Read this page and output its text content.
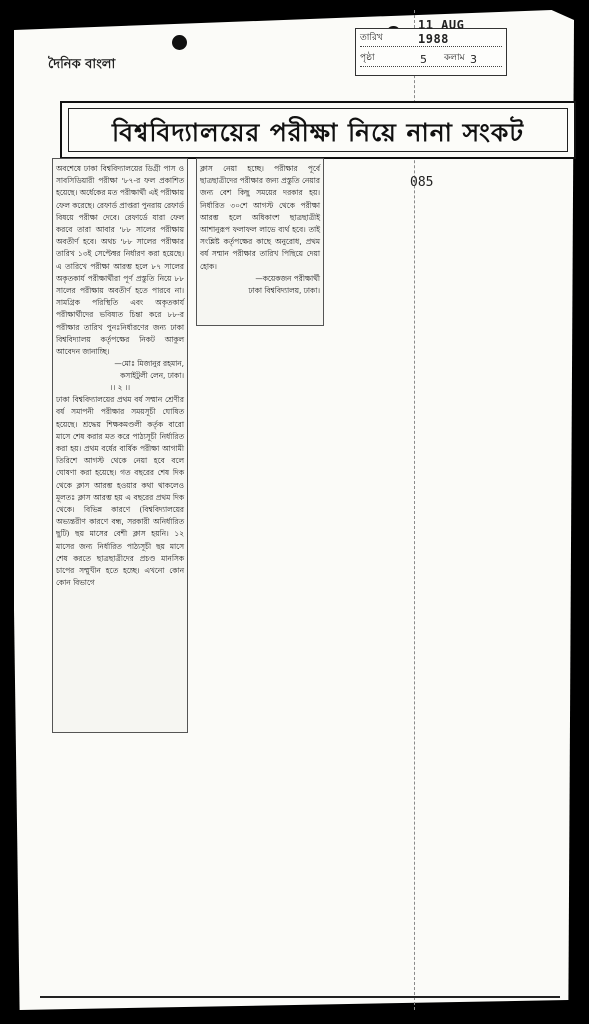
দৈনিক বাংলা
তারিখ
11 AUG 1988
পৃষ্ঠা	5 কলাম 3
বিশ্ববিদ্যালয়ের পরীক্ষা নিয়ে নানা সংকট
085
অবশেষে ঢাকা বিশ্ববিদ্যালয়ের ডিগ্রী পাস ও সাবসিডিয়ারী পরীক্ষা '৮৭-র ফল প্রকাশিত হয়েছে। অর্ধেকের মত পরীক্ষার্থী এই পরীক্ষায় ফেল করেছে। রেফার্ড প্রাপ্তরা পুনরায় রেফার্ড বিষয়ে পরীক্ষা দেবে। রেফার্ডে যারা ফেল করবে তারা আবার '৮৮ সালের পরীক্ষায় অবতীর্ণ হবে। অথচ '৮৮ সালের পরীক্ষার তারিখ ১৩ই সেপ্টেম্বর নির্ধারণ করা হয়েছে। এ তারিখে পরীক্ষা আরম্ভ হলে ৮৭ সালের অকৃতকার্য পরীক্ষার্থীরা পূর্ণ প্রস্তুতি নিয়ে ৮৮ সালের পরীক্ষায় অবতীর্ণ হতে পারবে না। সামগ্রিক পরিস্থিতি এবং অকৃতকার্য পরীক্ষার্থীদের ভবিষ্যত চিন্তা করে ৮৮-র পরীক্ষার তারিখ পুনঃনির্ধারণের জন্য ঢাকা বিশ্ববিদ্যালয় কর্তৃপক্ষের নিকট আকুল আবেদন জানাচ্ছি।
—মোঃ মিজানুর রহমান,
কসাইটুলী লেন, ঢাকা।
।। ২ ।।
ঢাকা বিশ্ববিদ্যালয়ের প্রথম বর্ষ সম্মান শ্রেণীর বর্ষ সমাপনী পরীক্ষার সময়সূচী ঘোষিত হয়েছে। শ্রদ্ধেয় শিক্ষকমণ্ডলী কর্তৃক বারো মাসে শেষ করার মত করে পাঠ্যসূচী নির্ধারিত করা হয়। প্রথম বর্ষের বার্ষিক পরীক্ষা আগামী তিরিশে আগস্ট থেকে নেয়া হবে বলে ঘোষণা করা হয়েছে। গত বছরের শেষ দিক থেকে ক্লাস আরম্ভ হওয়ার কথা থাকলেও মূলতঃ ক্লাস আরম্ভ হয় এ বছরের প্রথম দিক থেকে। বিভিন্ন কারণে (বিশ্ববিদ্যালয়ের অভ্যন্তরীণ কারণে বন্ধ, সরকারী অনির্ধারিত ছুটি) ছয় মাসের বেশী ক্লাস হয়নি। ১২ মাসের জন্য নির্ধারিত পাঠ্যসূচী ছয় মাসে শেষ করতে ছাত্রছাত্রীদের প্রচণ্ড মানসিক চাপের সম্মুখীন হতে হচ্ছে। এখনো কোন কোন বিভাগে
ক্লাস নেয়া হচ্ছে। পরীক্ষার পূর্বে ছাত্রছাত্রীদের পরীক্ষার জন্য প্রস্তুতি নেয়ার জন্য বেশ কিছু সময়ের দরকার হয়। নির্ধারিত ৩০শে আগস্ট থেকে পরীক্ষা আরম্ভ হলে অধিকাংশ ছাত্রছাত্রীই আশানুরূপ ফলাফল লাভে ব্যর্থ হবে। তাই সংশ্লিষ্ট কর্তৃপক্ষের কাছে অনুরোধ, প্রথম বর্ষ সম্মান পরীক্ষার তারিখ পিছিয়ে দেয়া হোক।
—কয়েকজন পরীক্ষার্থী
ঢাকা বিশ্ববিদ্যালয়, ঢাকা।
